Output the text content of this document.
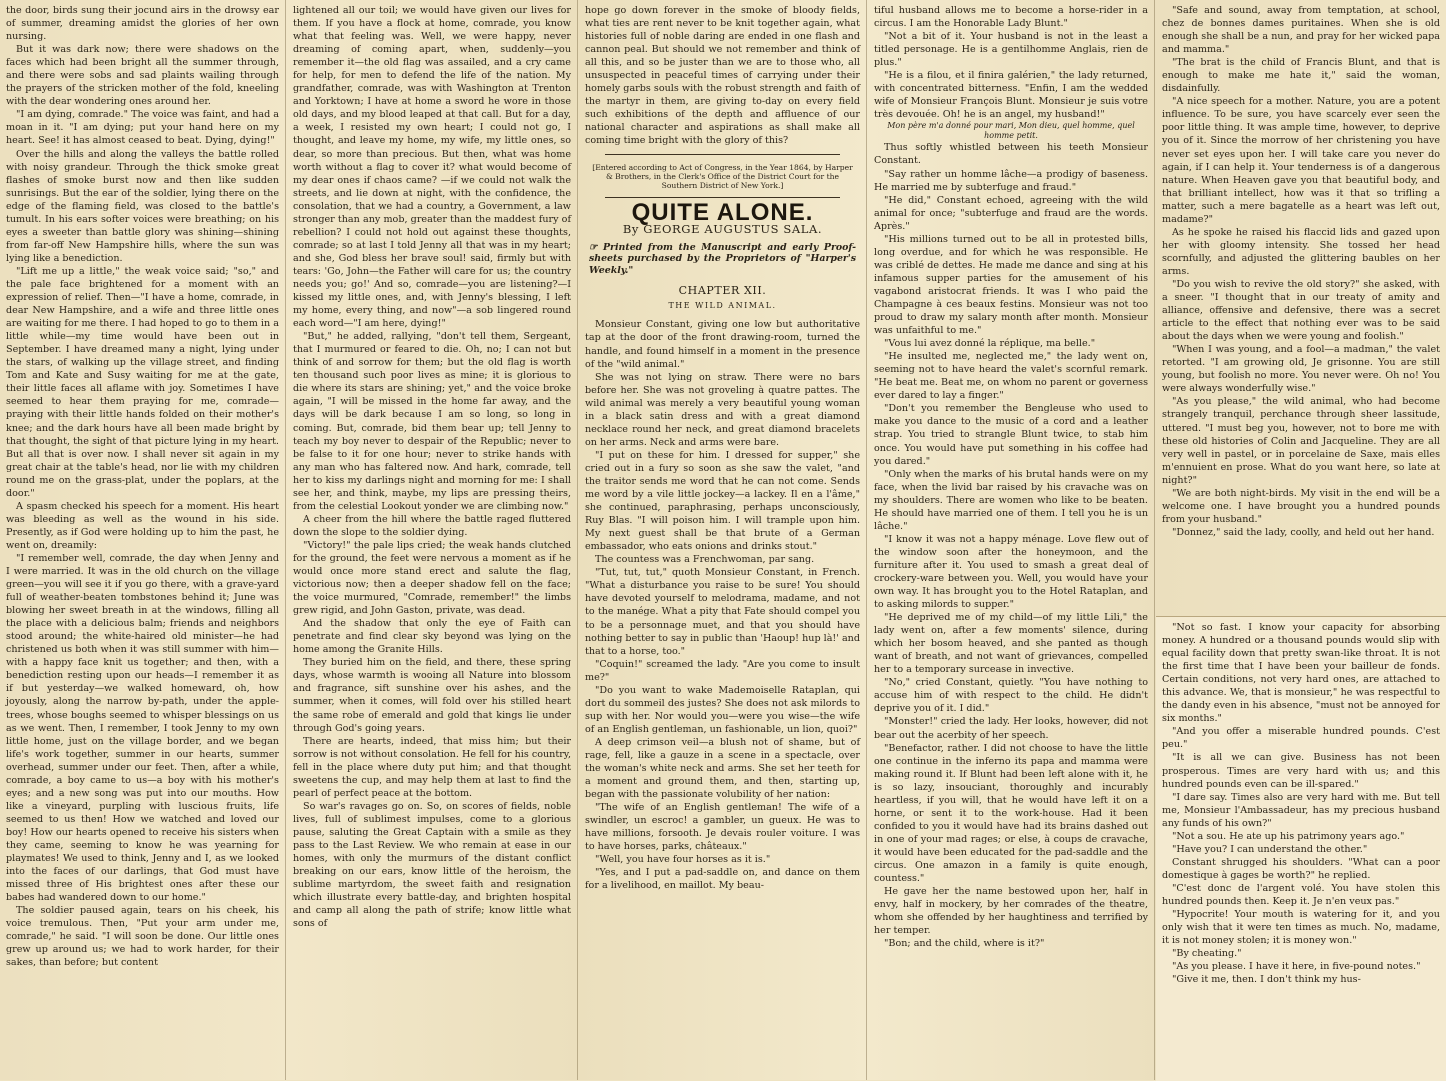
the door, birds sung their jocund airs in the drowsy ear of summer, dreaming amidst the glories of her own nursing.

But it was dark now; there were shadows on the faces which had been bright all the summer through, and there were sobs and sad plaints wailing through the prayers of the stricken mother of the fold, kneeling with the dear wondering ones around her.

"I am dying, comrade." The voice was faint, and had a moan in it. "I am dying; put your hand here on my heart. See! it has almost ceased to beat. Dying, dying!"

Over the hills and along the valleys the battle rolled with noisy grandeur. Through the thick smoke great flashes of smoke burst now and then like sudden sunrisings. But the ear of the soldier, lying there on the edge of the flaming field, was closed to the battle's tumult. In his ears softer voices were breathing; on his eyes a sweeter than battle glory was shining—shining from far-off New Hampshire hills, where the sun was lying like a benediction.

"Lift me up a little," the weak voice said; "so," and the pale face brightened for a moment with an expression of relief. Then—"I have a home, comrade, in dear New Hampshire, and a wife and three little ones are waiting for me there. I had hoped to go to them in a little while—my time would have been out in September. I have dreamed many a night, lying under the stars, of walking up the village street, and finding Tom and Kate and Susy waiting for me at the gate, their little faces all aflame with joy. Sometimes I have seemed to hear them praying for me, comrade—praying with their little hands folded on their mother's knee; and the dark hours have all been made bright by that thought, the sight of that picture lying in my heart. But all that is over now. I shall never sit again in my great chair at the table's head, nor lie with my children round me on the grass-plat, under the poplars, at the door."

A spasm checked his speech for a moment. His heart was bleeding as well as the wound in his side. Presently, as if God were holding up to him the past, he went on, dreamily:

"I remember well, comrade, the day when Jenny and I were married. It was in the old church on the village green—you will see it if you go there, with a grave-yard full of weather-beaten tombstones behind it; June was blowing her sweet breath in at the windows, filling all the place with a delicious balm; friends and neighbors stood around; the white-haired old minister—he had christened us both when it was still summer with him—with a happy face knit us together; and then, with a benediction resting upon our heads—I remember it as if but yesterday—we walked homeward, oh, how joyously, along the narrow by-path, under the apple-trees, whose boughs seemed to whisper blessings on us as we went. Then, I remember, I took Jenny to my own little home, just on the village border, and we began life's work together, summer in our hearts, summer overhead, summer under our feet. Then, after a while, comrade, a boy came to us—a boy with his mother's eyes; and a new song was put into our mouths. How like a vineyard, purpling with luscious fruits, life seemed to us then! How we watched and loved our boy! How our hearts opened to receive his sisters when they came, seeming to know he was yearning for playmates! We used to think, Jenny and I, as we looked into the faces of our darlings, that God must have missed three of His brightest ones after these our babes had wandered down to our home."

The soldier paused again, tears on his cheek, his voice tremulous. Then, "Put your arm under me, comrade," he said. "I will soon be done. Our little ones grew up around us; we had to work harder, for their sakes, than before; but content

lightened all our toil; we would have given our lives for them. If you have a flock at home, comrade, you know what that feeling was. Well, we were happy, never dreaming of coming apart, when, suddenly—you remember it—the old flag was assailed, and a cry came for help, for men to defend the life of the nation. My grandfather, comrade, was with Washington at Trenton and Yorktown; I have at home a sword he wore in those old days, and my blood leaped at that call. But for a day, a week, I resisted my own heart; I could not go, I thought, and leave my home, my wife, my little ones, so dear, so more than precious. But then, what was home worth without a flag to cover it? what would become of my dear ones if chaos came? —if we could not walk the streets, and lie down at night, with the confidence, the consolation, that we had a country, a Government, a law stronger than any mob, greater than the maddest fury of rebellion? I could not hold out against these thoughts, comrade; so at last I told Jenny all that was in my heart; and she, God bless her brave soul! said, firmly but with tears: 'Go, John—the Father will care for us; the country needs you; go!' And so, comrade—you are listening?—I kissed my little ones, and, with Jenny's blessing, I left my home, every thing, and now"—a sob lingered round each word—"I am here, dying!"

"But," he added, rallying, "don't tell them, Sergeant, that I murmured or feared to die. Oh, no; I can not but think of and sorrow for them; but the old flag is worth ten thousand such poor lives as mine; it is glorious to die where its stars are shining; yet," and the voice broke again, "I will be missed in the home far away, and the days will be dark because I am so long, so long in coming. But, comrade, bid them bear up; tell Jenny to teach my boy never to despair of the Republic; never to be false to it for one hour; never to strike hands with any man who has faltered now. And hark, comrade, tell her to kiss my darlings night and morning for me: I shall see her, and think, maybe, my lips are pressing theirs, from the celestial Lookout yonder we are climbing now."

A cheer from the hill where the battle raged fluttered down the slope to the soldier dying.

"Victory!" the pale lips cried; the weak hands clutched for the ground, the feet were nervous a moment as if he would once more stand erect and salute the flag, victorious now; then a deeper shadow fell on the face; the voice murmured, "Comrade, remember!" the limbs grew rigid, and John Gaston, private, was dead.

And the shadow that only the eye of Faith can penetrate and find clear sky beyond was lying on the home among the Granite Hills.

They buried him on the field, and there, these spring days, whose warmth is wooing all Nature into blossom and fragrance, sift sunshine over his ashes, and the summer, when it comes, will fold over his stilled heart the same robe of emerald and gold that kings lie under through God's going years.

There are hearts, indeed, that miss him; but their sorrow is not without consolation. He fell for his country, fell in the place where duty put him; and that thought sweetens the cup, and may help them at last to find the pearl of perfect peace at the bottom.

So war's ravages go on. So, on scores of fields, noble lives, full of sublimest impulses, come to a glorious pause, saluting the Great Captain with a smile as they pass to the Last Review. We who remain at ease in our homes, with only the murmurs of the distant conflict breaking on our ears, know little of the heroism, the sublime martyrdom, the sweet faith and resignation which illustrate every battle-day, and brighten hospital and camp all along the path of strife; know little what sons of

hope go down forever in the smoke of bloody fields, what ties are rent never to be knit together again, what histories full of noble daring are ended in one flash and cannon peal. But should we not remember and think of all this, and so be juster than we are to those who, all unsuspected in peaceful times of carrying under their homely garbs souls with the robust strength and faith of the martyr in them, are giving to-day on every field such exhibitions of the depth and affluence of our national character and aspirations as shall make all coming time bright with the glory of this?

[Entered according to Act of Congress, in the Year 1864, by Harper & Brothers, in the Clerk's Office of the District Court for the Southern District of New York.]
QUITE ALONE.
By GEORGE AUGUSTUS SALA.
☞ Printed from the Manuscript and early Proof-sheets purchased by the Proprietors of "Harper's Weekly."
CHAPTER XII.
THE WILD ANIMAL.

Monsieur Constant, giving one low but authoritative tap at the door of the front drawing-room, turned the handle, and found himself in a moment in the presence of the "wild animal."

She was not lying on straw. There were no bars before her. She was not groveling à quatre pattes. The wild animal was merely a very beautiful young woman in a black satin dress and with a great diamond necklace round her neck, and great diamond bracelets on her arms. Neck and arms were bare.

"I put on these for him. I dressed for supper," she cried out in a fury so soon as she saw the valet, "and the traitor sends me word that he can not come. Sends me word by a vile little jockey—a lackey. Il en a l'âme," she continued, paraphrasing, perhaps unconsciously, Ruy Blas. "I will poison him. I will trample upon him. My next guest shall be that brute of a German embassador, who eats onions and drinks stout."

The countess was a Frenchwoman, par sang.

"Tut, tut, tut," quoth Monsieur Constant, in French. "What a disturbance you raise to be sure! You should have devoted yourself to melodrama, madame, and not to the manége. What a pity that Fate should compel you to be a personnage muet, and that you should have nothing better to say in public than 'Haoup! hup là!' and that to a horse, too."

"Coquin!" screamed the lady. "Are you come to insult me?"

"Do you want to wake Mademoiselle Rataplan, qui dort du sommeil des justes? She does not ask milords to sup with her. Nor would you—were you wise—the wife of an English gentleman, un fashionable, un lion, quoi?"

A deep crimson veil—a blush not of shame, but of rage, fell, like a gauze in a scene in a spectacle, over the woman's white neck and arms. She set her teeth for a moment and ground them, and then, starting up, began with the passionate volubility of her nation:

"The wife of an English gentleman! The wife of a swindler, un escroc! a gambler, un gueux. He was to have millions, forsooth. Je devais rouler voiture. I was to have horses, parks, châteaux."

"Well, you have four horses as it is."

"Yes, and I put a pad-saddle on, and dance on them for a livelihood, en maillot. My beau-

tiful husband allows me to become a horse-rider in a circus. I am the Honorable Lady Blunt."

"Not a bit of it. Your husband is not in the least a titled personage. He is a gentilhomme Anglais, rien de plus."

"He is a filou, et il finira galérien," the lady returned, with concentrated bitterness. "Enfin, I am the wedded wife of Monsieur François Blunt. Monsieur je suis votre très devouée. Oh! he is an angel, my husband!"

Mon père m'a donné pour mari, Mon dieu, quel homme, quel homme petit.

Thus softly whistled between his teeth Monsieur Constant.

"Say rather un homme lâche—a prodigy of baseness. He married me by subterfuge and fraud."

"He did," Constant echoed, agreeing with the wild animal for once; "subterfuge and fraud are the words. Après."

"His millions turned out to be all in protested bills, long overdue, and for which he was responsible. He was criblé de dettes. He made me dance and sing at his infamous supper parties for the amusement of his vagabond aristocrat friends. It was I who paid the Champagne à ces beaux festins. Monsieur was not too proud to draw my salary month after month. Monsieur was unfaithful to me."

"Vous lui avez donné la réplique, ma belle."

"He insulted me, neglected me," the lady went on, seeming not to have heard the valet's scornful remark. "He beat me. Beat me, on whom no parent or governess ever dared to lay a finger."

"Don't you remember the Bengleuse who used to make you dance to the music of a cord and a leather strap. You tried to strangle Blunt twice, to stab him once. You would have put something in his coffee had you dared."

"Only when the marks of his brutal hands were on my face, when the livid bar raised by his cravache was on my shoulders. There are women who like to be beaten. He should have married one of them. I tell you he is un lâche."

"I know it was not a happy ménage. Love flew out of the window soon after the honeymoon, and the furniture after it. You used to smash a great deal of crockery-ware between you. Well, you would have your own way. It has brought you to the Hotel Rataplan, and to asking milords to supper."

"He deprived me of my child—of my little Lili," the lady went on, after a few moments' silence, during which her bosom heaved, and she panted as though want of breath, and not want of grievances, compelled her to a temporary surcease in invective.

"No," cried Constant, quietly. "You have nothing to accuse him of with respect to the child. He didn't deprive you of it. I did."

"Monster!" cried the lady. Her looks, however, did not bear out the acerbity of her speech.

"Benefactor, rather. I did not choose to have the little one continue in the inferno its papa and mamma were making round it. If Blunt had been left alone with it, he is so lazy, insouciant, thoroughly and incurably heartless, if you will, that he would have left it on a horne, or sent it to the work-house. Had it been confided to you it would have had its brains dashed out in one of your mad rages; or else, à coups de cravache, it would have been educated for the pad-saddle and the circus. One amazon in a family is quite enough, countess."

He gave her the name bestowed upon her, half in envy, half in mockery, by her comrades of the theatre, whom she offended by her haughtiness and terrified by her temper.

"Bon; and the child, where is it?"

"Safe and sound, away from temptation, at school, chez de bonnes dames puritaines. When she is old enough she shall be a nun, and pray for her wicked papa and mamma."

"The brat is the child of Francis Blunt, and that is enough to make me hate it," said the woman, disdainfully.

"A nice speech for a mother. Nature, you are a potent influence. To be sure, you have scarcely ever seen the poor little thing. It was ample time, however, to deprive you of it. Since the morrow of her christening you have never set eyes upon her. I will take care you never do again, if I can help it. Your tenderness is of a dangerous nature. When Heaven gave you that beautiful body, and that brilliant intellect, how was it that so trifling a matter, such a mere bagatelle as a heart was left out, madame?"

As he spoke he raised his flaccid lids and gazed upon her with gloomy intensity. She tossed her head scornfully, and adjusted the glittering baubles on her arms.

"Do you wish to revive the old story?" she asked, with a sneer. "I thought that in our treaty of amity and alliance, offensive and defensive, there was a secret article to the effect that nothing ever was to be said about the days when we were young and foolish."

"When I was young, and a fool—a madman," the valet retorted. "I am growing old, Je grisonne. You are still young, but foolish no more. You never were. Oh no! You were always wonderfully wise."

"As you please," the wild animal, who had become strangely tranquil, perchance through sheer lassitude, uttered. "I must beg you, however, not to bore me with these old histories of Colin and Jacqueline. They are all very well in pastel, or in porcelaine de Saxe, mais elles m'ennuient en prose. What do you want here, so late at night?"

"We are both night-birds. My visit in the end will be a welcome one. I have brought you a hundred pounds from your husband."

"Donnez," said the lady, coolly, and held out her hand.

"Not so fast. I know your capacity for absorbing money. A hundred or a thousand pounds would slip with equal facility down that pretty swan-like throat. It is not the first time that I have been your bailleur de fonds. Certain conditions, not very hard ones, are attached to this advance. We, that is monsieur," he was respectful to the dandy even in his absence, "must not be annoyed for six months."

"And you offer a miserable hundred pounds. C'est peu."

"It is all we can give. Business has not been prosperous. Times are very hard with us; and this hundred pounds even can be ill-spared."

"I dare say. Times also are very hard with me. But tell me, Monsieur l'Ambassadeur, has my precious husband any funds of his own?"

"Not a sou. He ate up his patrimony years ago."

"Have you? I can understand the other."

Constant shrugged his shoulders. "What can a poor domestique à gages be worth?" he replied.

"C'est donc de l'argent volé. You have stolen this hundred pounds then. Keep it. Je n'en veux pas."

"Hypocrite! Your mouth is watering for it, and you only wish that it were ten times as much. No, madame, it is not money stolen; it is money won."

"By cheating."

"As you please. I have it here, in five-pound notes."

"Give it me, then. I don't think my hus-
